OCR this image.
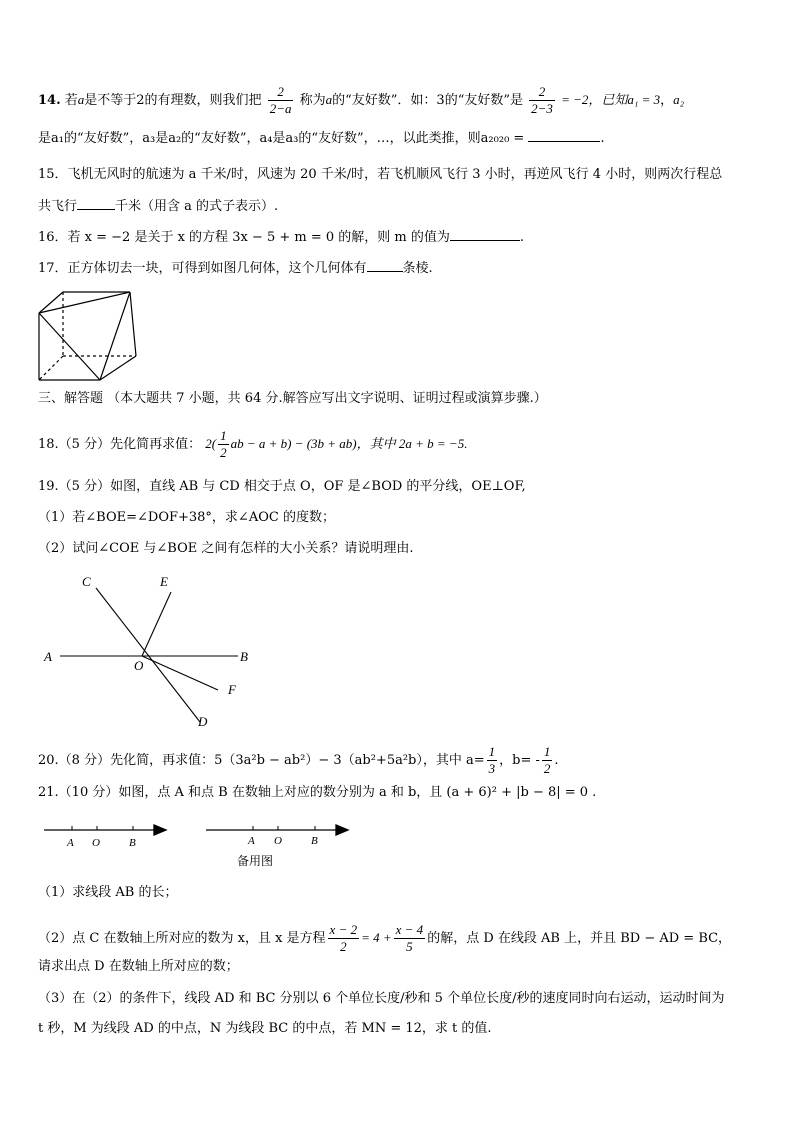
14. 若a是不等于2的有理数，则我们把 $\frac{2}{2-a}$ 称为a的“友好数”．如：3的“友好数”是 $\frac{2}{2-3} = -2$，已知a₁ = 3，a₂
是a₁的“友好数”，a₃是a₂的“友好数”，a₄是a₃的“友好数”，…，以此类推，则a₂₀₂₀ =	.
15．飞机无风时的航速为 a 千米/时，风速为 20 千米/时，若飞机顺风飞行 3 小时，再逆风飞行 4 小时，则两次行程总
共飞行	千米（用含 a 的式子表示）.
16．若 x = −2 是关于 x 的方程 3x − 5 + m = 0 的解，则 m 的值为	.
17．正方体切去一块，可得到如图几何体，这个几何体有	条棱.
三、解答题 （本大题共 7 小题，共 64 分.解答应写出文字说明、证明过程或演算步骤.）
18.（5 分）先化简再求值： $2( \frac{1}{2}$ ab − a + b) − (3b + ab)，其中 2a + b = −5.
19.（5 分）如图，直线 AB 与 CD 相交于点 O，OF 是∠BOD 的平分线，OE⊥OF,
（1）若∠BOE=∠DOF+38°，求∠AOC 的度数；
（2）试问∠COE 与∠BOE 之间有怎样的大小关系？请说明理由.
C	E
A
O
B
F
D
20.（8 分）先化简，再求值：5（3a²b − ab²）− 3（ab²+5a²b），其中 $a= \frac{1}{3}$ ，$b= - \frac{1}{2}$ .
21.（10 分）如图，点 A 和点 B 在数轴上对应的数分别为 a 和 b，且 (a + 6)² + |b − 8| = 0 .
A O	B	A O	B
备用图
（1）求线段 AB 的长；
（2）点 C 在数轴上所对应的数为 x，且 x 是方程 $\frac{x - 2}{2} = 4 + \frac{x - 4}{5}$ 的解，点 D 在线段 AB 上，并且 BD − AD = BC，
请求出点 D 在数轴上所对应的数；
（3）在（2）的条件下，线段 AD 和 BC 分别以 6 个单位长度/秒和 5 个单位长度/秒的速度同时向右运动，运动时间为
t 秒，M 为线段 AD 的中点，N 为线段 BC 的中点，若 MN = 12，求 t 的值.
